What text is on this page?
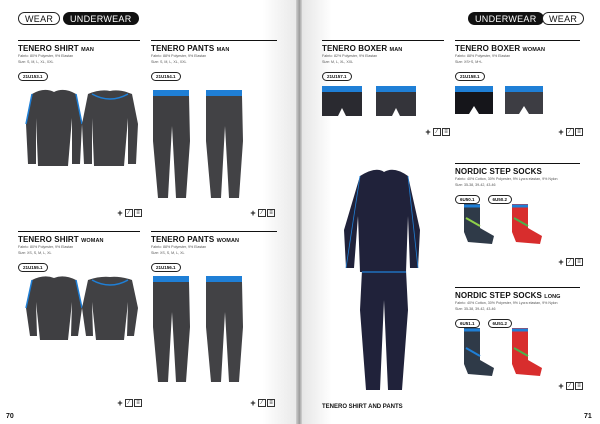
WEAR	UNDERWEAR
TENERO SHIRT MAN
Fabric: 80% Polyester, 9% Elastan
Size: S, M, L, XL, XXL
21U153.1
TENERO PANTS MAN
Fabric: 88% Polyester, 9% Elastan
Size: S, M, L, XL, XXL
21U154.1
+ ⁄	≡
+ ⁄	≡
TENERO SHIRT WOMAN
Fabric: 80% Polyester, 9% Elastan
Size: XS, S, M, L, XL
21U155.1
TENERO PANTS WOMAN
Fabric: 88% Polyester, 9% Elastan
Size: XS, S, M, L, XL
21U156.1
+ ⁄	≡
+ ⁄	≡
70
UNDERWEAR	WEAR
TENERO BOXER MAN
Fabric: 82% Polyester, 9% Elastan
Size: M, L, XL, XXL
21U157.1
TENERO BOXER WOMAN
Fabric: 88% Polyester, 9% Elastan
Size: XS+S, M+L
21U158.1
+ ⁄	≡
+ ⁄	≡
TENERO SHIRT AND PANTS
NORDIC STEP SOCKS
Fabric: 40% Cotton, 30% Polyester, 9% Lycra elastan, 9% Nylon
Size: 35-38, 39-42, 43-46
6U50.1	6U50.2
+ ⁄	≡
NORDIC STEP SOCKS LONG
Fabric: 40% Cotton, 30% Polyester, 9% Lycra elastan, 9% Nylon
Size: 35-38, 39-42, 43-46
6U51.1	6U51.2
+ ⁄	≡
71
